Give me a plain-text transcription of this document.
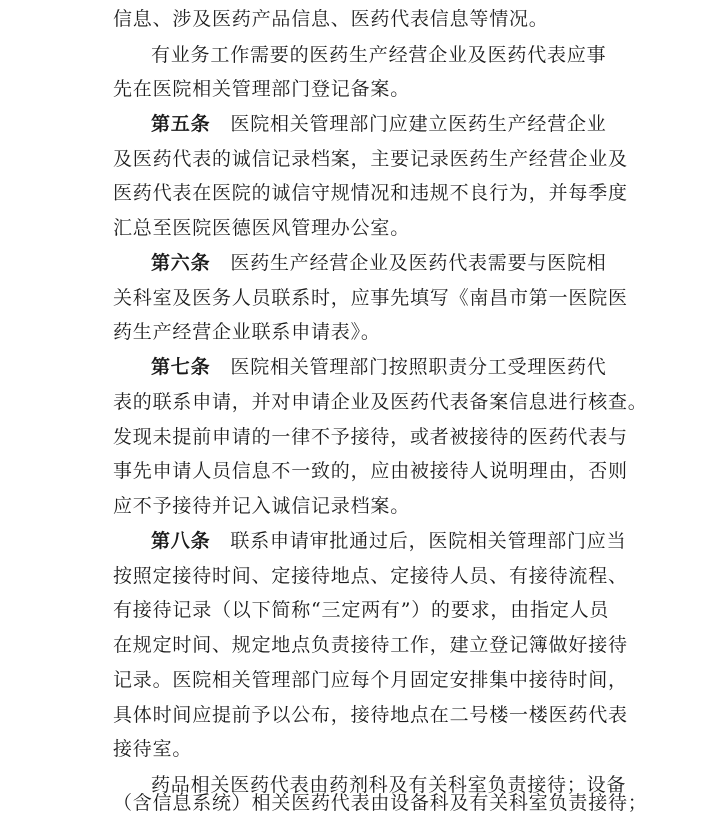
信息、涉及医药产品信息、医药代表信息等情况。
有业务工作需要的医药生产经营企业及医药代表应事
先在医院相关管理部门登记备案。
第五条 医院相关管理部门应建立医药生产经营企业
及医药代表的诚信记录档案，主要记录医药生产经营企业及
医药代表在医院的诚信守规情况和违规不良行为，并每季度
汇总至医院医德医风管理办公室。
第六条 医药生产经营企业及医药代表需要与医院相
关科室及医务人员联系时，应事先填写《南昌市第一医院医
药生产经营企业联系申请表》。
第七条 医院相关管理部门按照职责分工受理医药代
表的联系申请，并对申请企业及医药代表备案信息进行核查。
发现未提前申请的一律不予接待，或者被接待的医药代表与
事先申请人员信息不一致的，应由被接待人说明理由，否则
应不予接待并记入诚信记录档案。
第八条 联系申请审批通过后，医院相关管理部门应当
按照定接待时间、定接待地点、定接待人员、有接待流程、
有接待记录（以下简称“三定两有”）的要求，由指定人员
在规定时间、规定地点负责接待工作，建立登记簿做好接待
记录。医院相关管理部门应每个月固定安排集中接待时间，
具体时间应提前予以公布，接待地点在二号楼一楼医药代表
接待室。
药品相关医药代表由药剂科及有关科室负责接待；设备
（含信息系统）相关医药代表由设备科及有关科室负责接待；
